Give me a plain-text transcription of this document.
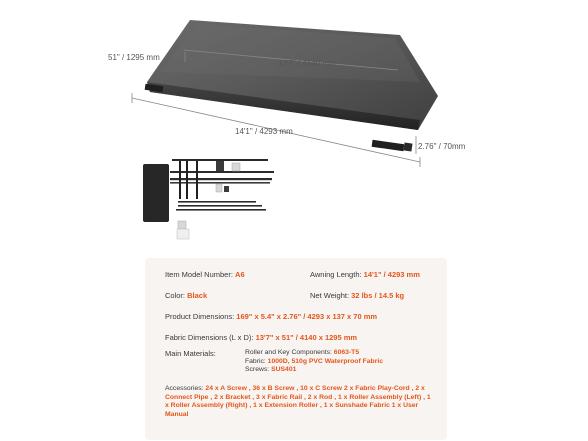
51" / 1295 mm
13'7" / 4140 mm
14'1" / 4293 mm
2.76" / 70mm
Item Model Number: A6	Awning Length: 14'1" / 4293 mm
Color: Black	Net Weight: 32 lbs / 14.5 kg
Product Dimensions: 169" x 5.4" x 2.76" / 4293 x 137 x 70 mm
Fabric Dimensions (L x D): 13'7" x 51" / 4140 x 1295 mm
Main Materials:	Roller and Key Components: 6063-T5
Fabric: 1000D, 510g PVC Waterproof Fabric
Screws: SUS401
Accessories: 24 x A Screw , 36 x B Screw , 10 x C Screw 2 x Fabric Play-Cord , 2 x Connect Pipe , 2 x Bracket , 3 x Fabric Rail , 2 x Rod , 1 x Roller Assembly (Left) , 1 x Roller Assembly (Right) , 1 x Extension Roller , 1 x Sunshade Fabric 1 x User Manual
